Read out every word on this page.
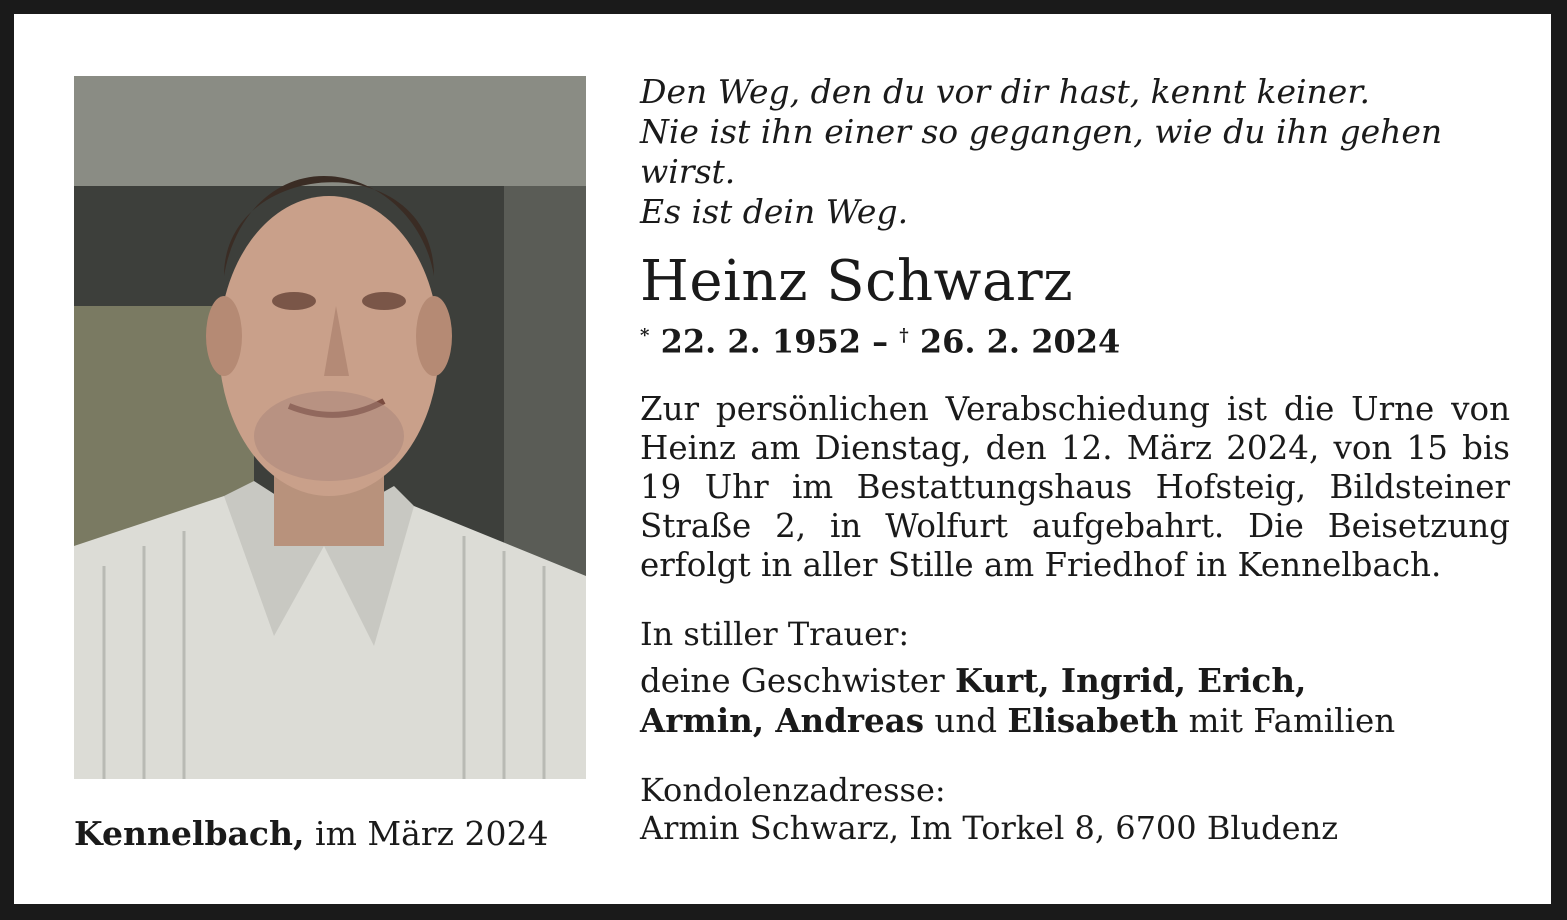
Kennelbach, im März 2024
Den Weg, den du vor dir hast, kennt keiner.
Nie ist ihn einer so gegangen, wie du ihn gehen wirst.
Es ist dein Weg.
Heinz Schwarz
* 22. 2. 1952 – † 26. 2. 2024
Zur persönlichen Verabschiedung ist die Urne von Heinz am Dienstag, den 12. März 2024, von 15 bis 19 Uhr im Bestattungshaus Hofsteig, Bildsteiner Straße 2, in Wolfurt aufgebahrt. Die Beisetzung erfolgt in aller Stille am Friedhof in Kennelbach.
In stiller Trauer:
deine Geschwister Kurt, Ingrid, Erich,
Armin, Andreas und Elisabeth mit Familien
Kondolenzadresse:
Armin Schwarz, Im Torkel 8, 6700 Bludenz
